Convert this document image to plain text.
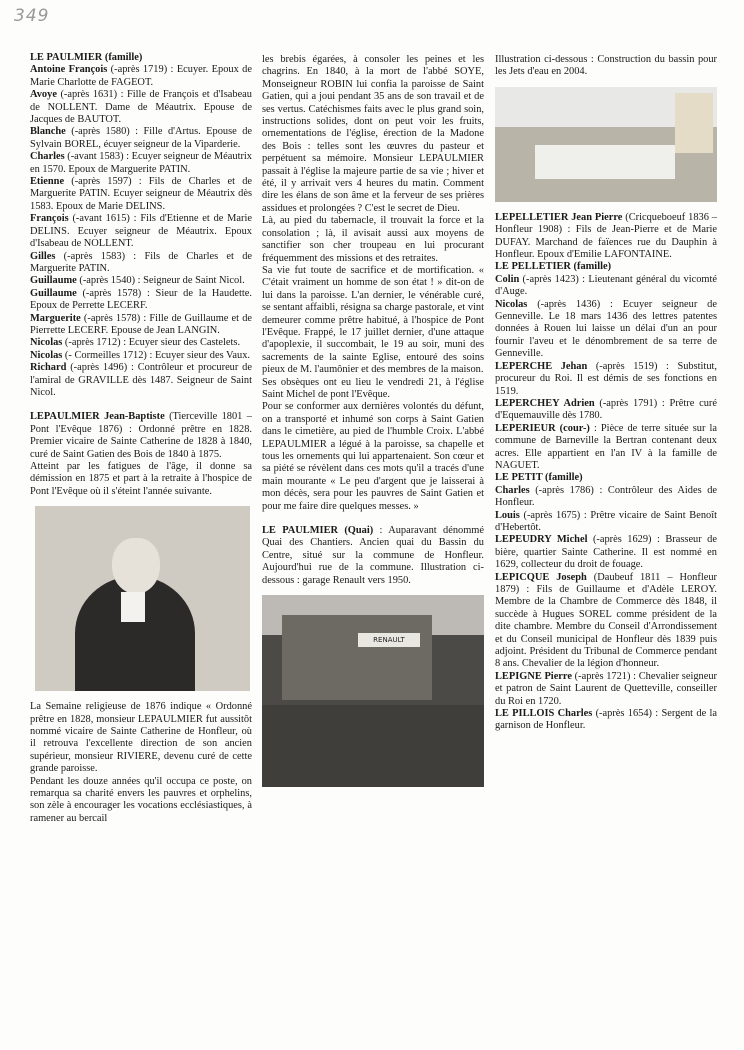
349
LE PAULMIER (famille)

Antoine François (-après 1719) : Ecuyer. Epoux de Marie Charlotte de FAGEOT.

Avoye (-après 1631) : Fille de François et d'Isabeau de NOLLENT. Dame de Méautrix. Epouse de Jacques de BAUTOT.

Blanche (-après 1580) : Fille d'Artus. Epouse de Sylvain BOREL, écuyer seigneur de la Viparderie.

Charles (-avant 1583) : Ecuyer seigneur de Méautrix en 1570. Epoux de Marguerite PATIN.

Etienne (-après 1597) : Fils de Charles et de Marguerite PATIN. Ecuyer seigneur de Méautrix dès 1583. Epoux de Marie DELINS.

François (-avant 1615) : Fils d'Etienne et de Marie DELINS. Ecuyer seigneur de Méautrix. Epoux d'Isabeau de NOLLENT.

Gilles (-après 1583) : Fils de Charles et de Marguerite PATIN.

Guillaume (-après 1540) : Seigneur de Saint Nicol.

Guillaume (-après 1578) : Sieur de la Haudette. Epoux de Perrette LECERF.

Marguerite (-après 1578) : Fille de Guillaume et de Pierrette LECERF. Epouse de Jean LANGIN.

Nicolas (-après 1712) : Ecuyer sieur des Castelets.

Nicolas (- Cormeilles 1712) : Ecuyer sieur des Vaux.

Richard (-après 1496) : Contrôleur et procureur de l'amiral de GRAVILLE dès 1487. Seigneur de Saint Nicol.

LEPAULMIER Jean-Baptiste (Tierceville 1801 – Pont l'Evêque 1876) : Ordonné prêtre en 1828. Premier vicaire de Sainte Catherine de 1828 à 1840, curé de Saint Gatien des Bois de 1840 à 1875.

Atteint par les fatigues de l'âge, il donne sa démission en 1875 et part à la retraite à l'hospice de Pont l'Evêque où il s'éteint l'année suivante.

La Semaine religieuse de 1876 indique « Ordonné prêtre en 1828, monsieur LEPAULMIER fut aussitôt nommé vicaire de Sainte Catherine de Honfleur, où il retrouva l'excellente direction de son ancien supérieur, monsieur RIVIERE, devenu curé de cette grande paroisse.

Pendant les douze années qu'il occupa ce poste, on remarqua sa charité envers les pauvres et orphelins, son zèle à encourager les vocations ecclésiastiques, à ramener au bercail

les brebis égarées, à consoler les peines et les chagrins. En 1840, à la mort de l'abbé SOYE, Monseigneur ROBIN lui confia la paroisse de Saint Gatien, qui a joui pendant 35 ans de son travail et de ses vertus. Catéchismes faits avec le plus grand soin, instructions solides, dont on peut voir les fruits, ornementations de l'église, érection de la Madone des Bois : telles sont les œuvres du pasteur et perpétuent sa mémoire. Monsieur LEPAULMIER passait à l'église la majeure partie de sa vie ; hiver et été, il y arrivait vers 4 heures du matin. Comment dire les élans de son âme et la ferveur de ses prières assidues et prolongées ? C'est le secret de Dieu.

Là, au pied du tabernacle, il trouvait la force et la consolation ; là, il avisait aussi aux moyens de sanctifier son cher troupeau en lui procurant fréquemment des missions et des retraites.

Sa vie fut toute de sacrifice et de mortification. « C'était vraiment un homme de son état ! » dit-on de lui dans la paroisse. L'an dernier, le vénérable curé, se sentant affaibli, résigna sa charge pastorale, et vint demeurer comme prêtre habitué, à l'hospice de Pont l'Evêque. Frappé, le 17 juillet dernier, d'une attaque d'apoplexie, il succombait, le 19 au soir, muni des sacrements de la sainte Eglise, entouré des soins pieux de M. l'aumônier et des membres de la maison.

Ses obsèques ont eu lieu le vendredi 21, à l'église Saint Michel de pont l'Evêque.

Pour se conformer aux dernières volontés du défunt, on a transporté et inhumé son corps à Saint Gatien dans le cimetière, au pied de l'humble Croix. L'abbé LEPAULMIER a légué à la paroisse, sa chapelle et tous les ornements qui lui appartenaient. Son cœur et sa piété se révèlent dans ces mots qu'il a tracés d'une main mourante « Le peu d'argent que je laisserai à mon décès, sera pour les pauvres de Saint Gatien et pour me faire dire quelques messes. »

LE PAULMIER (Quai) : Auparavant dénommé Quai des Chantiers. Ancien quai du Bassin du Centre, situé sur la commune de Honfleur. Aujourd'hui rue de la commune. Illustration ci-dessous : garage Renault vers 1950.

RENAULT

Illustration ci-dessous : Construction du bassin pour les Jets d'eau en 2004.

LEPELLETIER Jean Pierre (Cricqueboeuf 1836 – Honfleur 1908) : Fils de Jean-Pierre et de Marie DUFAY. Marchand de faïences rue du Dauphin à Honfleur. Epoux d'Emilie LAFONTAINE.

LE PELLETIER (famille)

Colin (-après 1423) : Lieutenant général du vicomté d'Auge.

Nicolas (-après 1436) : Ecuyer seigneur de Genneville. Le 18 mars 1436 des lettres patentes données à Rouen lui laisse un délai d'un an pour fournir l'aveu et le dénombrement de sa terre de Genneville.

LEPERCHE Jehan (-après 1519) : Substitut, procureur du Roi. Il est démis de ses fonctions en 1519.

LEPERCHEY Adrien (-après 1791) : Prêtre curé d'Equemauville dès 1780.

LEPERIEUR (cour-) : Pièce de terre située sur la commune de Barneville la Bertran contenant deux acres. Elle appartient en l'an IV à la famille de NAGUET.

LE PETIT (famille)

Charles (-après 1786) : Contrôleur des Aides de Honfleur.

Louis (-après 1675) : Prêtre vicaire de Saint Benoît d'Hebertôt.

LEPEUDRY Michel (-après 1629) : Brasseur de bière, quartier Sainte Catherine. Il est nommé en 1629, collecteur du droit de fouage.

LEPICQUE Joseph (Daubeuf 1811 – Honfleur 1879) : Fils de Guillaume et d'Adèle LEROY. Membre de la Chambre de Commerce dès 1848, il succède à Hugues SOREL comme président de la dite chambre. Membre du Conseil d'Arrondissement et du Conseil municipal de Honfleur dès 1839 puis adjoint. Président du Tribunal de Commerce pendant 8 ans. Chevalier de la légion d'honneur.

LEPIGNE Pierre (-après 1721) : Chevalier seigneur et patron de Saint Laurent de Quetteville, conseiller du Roi en 1720.

LE PILLOIS Charles (-après 1654) : Sergent de la garnison de Honfleur.
